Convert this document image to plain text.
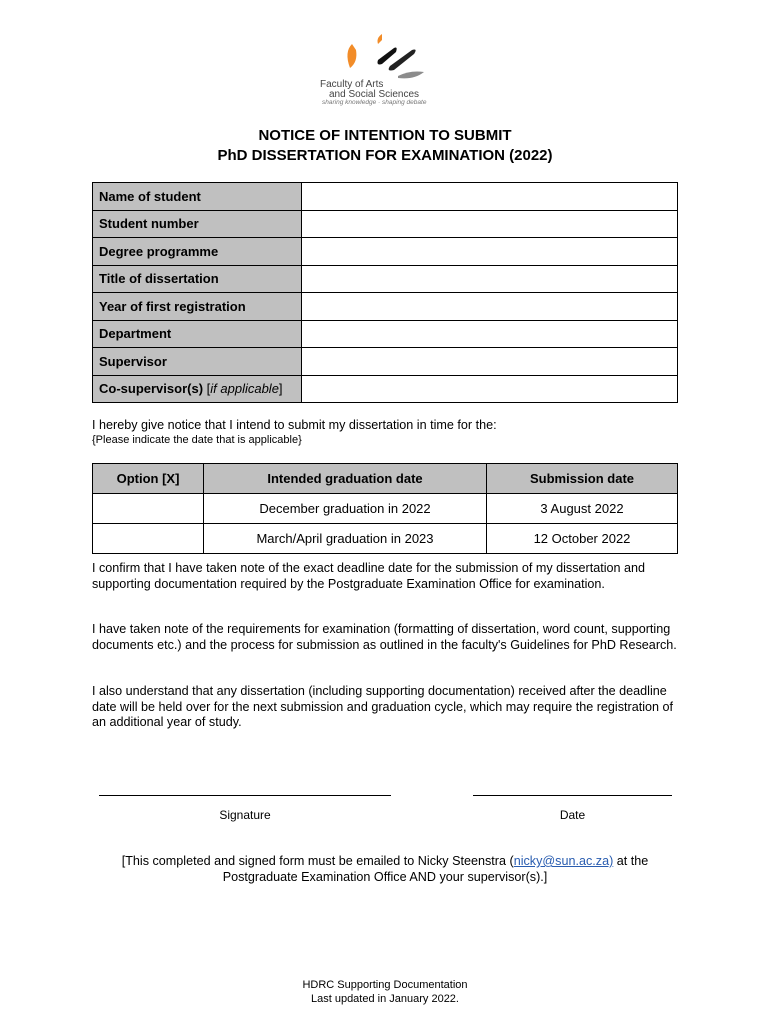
Faculty of Arts
and Social Sciences
sharing knowledge · shaping debate
NOTICE OF INTENTION TO SUBMIT
PhD DISSERTATION FOR EXAMINATION (2022)
Name of student	
Student number	
Degree programme	
Title of dissertation	
Year of first registration	
Department	
Supervisor	
Co-supervisor(s) [if applicable]	
I hereby give notice that I intend to submit my dissertation in time for the:
{Please indicate the date that is applicable}
Option [X]	Intended graduation date	Submission date
	December graduation in 2022	3 August 2022
	March/April graduation in 2023	12 October 2022
I confirm that I have taken note of the exact deadline date for the submission of my dissertation and supporting documentation required by the Postgraduate Examination Office for examination.
I have taken note of the requirements for examination (formatting of dissertation, word count, supporting documents etc.) and the process for submission as outlined in the faculty's Guidelines for PhD Research.
I also understand that any dissertation (including supporting documentation) received after the deadline date will be held over for the next submission and graduation cycle, which may require the registration of an additional year of study.
Signature	Date
[This completed and signed form must be emailed to Nicky Steenstra (nicky@sun.ac.za) at the Postgraduate Examination Office AND your supervisor(s).]
HDRC Supporting Documentation
Last updated in January 2022.
